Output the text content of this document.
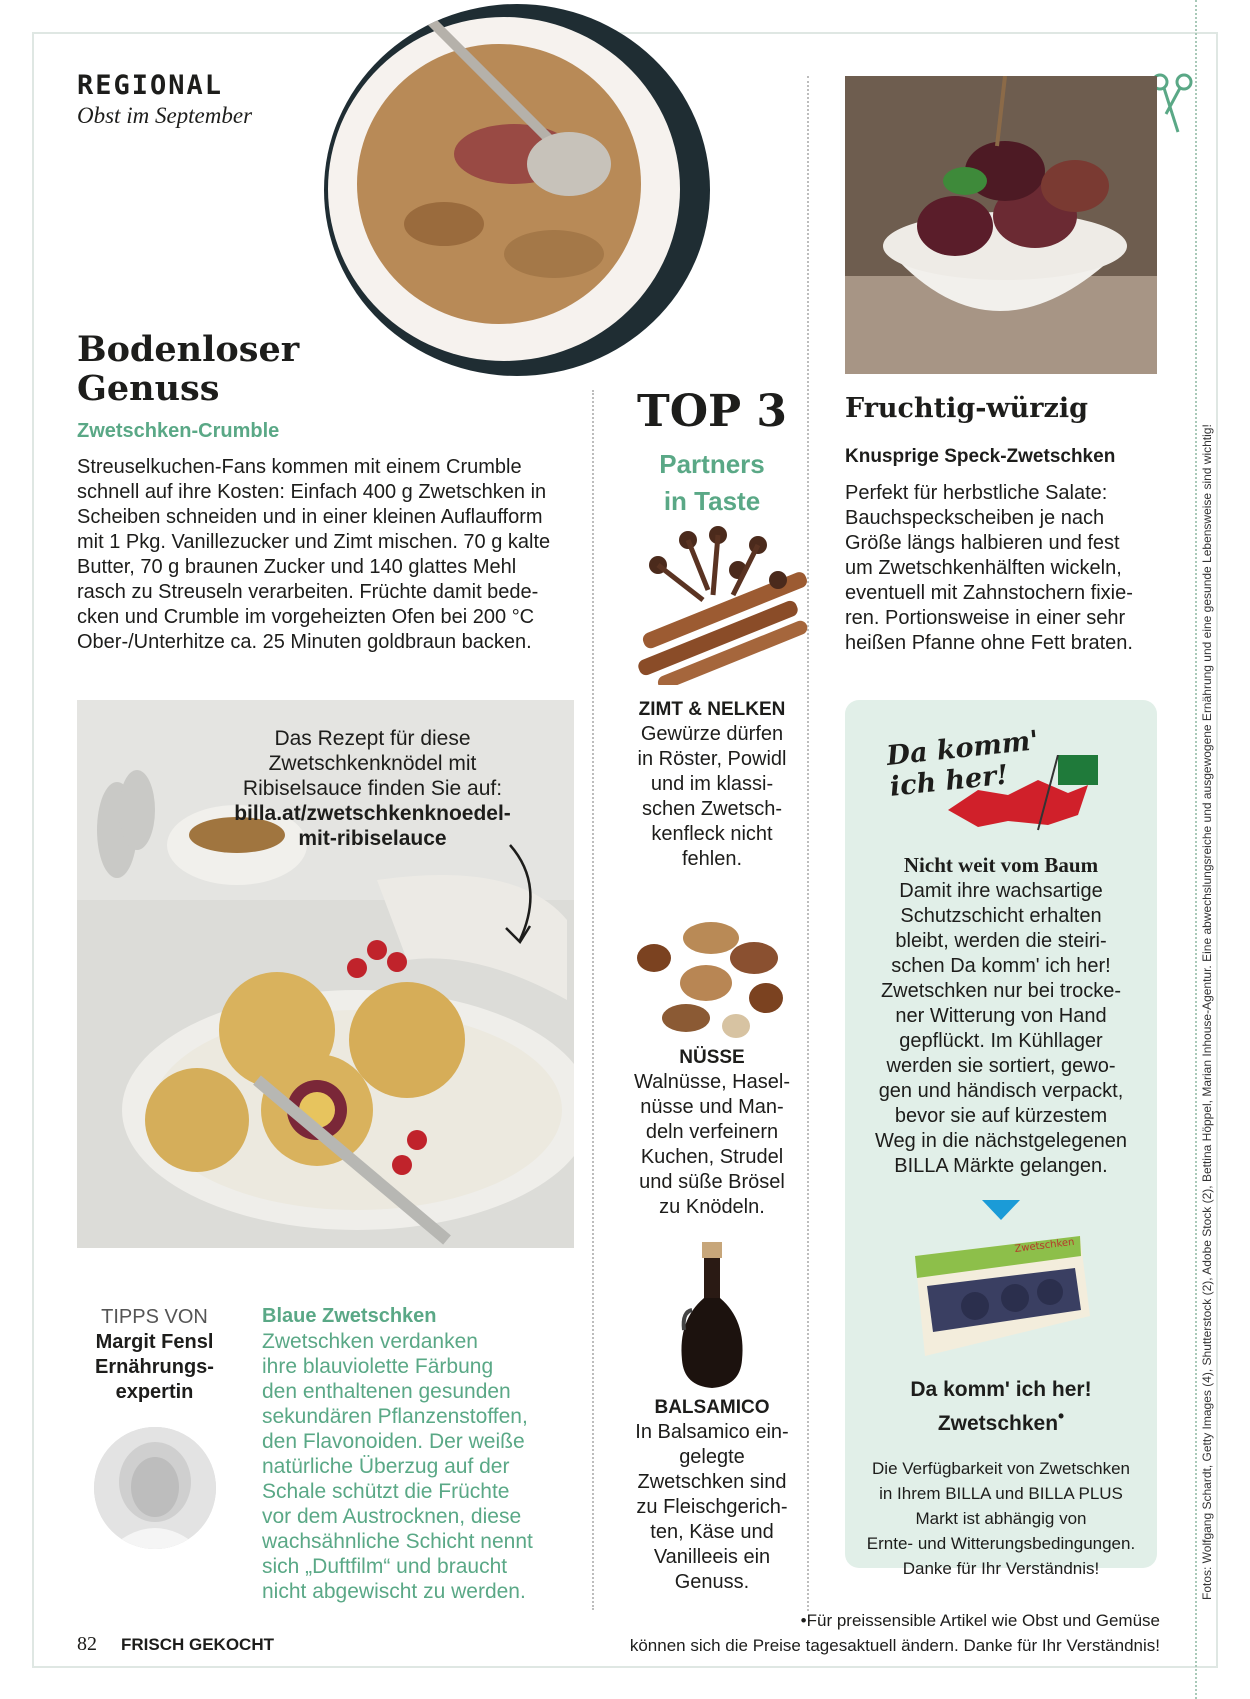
REGIONAL
Obst im September
Bodenloser
Genuss
Zwetschken-Crumble
Streuselkuchen-Fans kommen mit einem Crumble
schnell auf ihre Kosten: Einfach 400 g Zwetschken in
Scheiben schneiden und in einer kleinen Auflaufform
mit 1 Pkg. Vanillezucker und Zimt mischen. 70 g kalte
Butter, 70 g braunen Zucker und 140 glattes Mehl
rasch zu Streuseln verarbeiten. Früchte damit bede-
cken und Crumble im vorgeheizten Ofen bei 200 °C
Ober-/Unterhitze ca. 25 Minuten goldbraun backen.
Das Rezept für diese
Zwetschkenknödel mit
Ribiselsauce finden Sie auf:
billa.at/zwetschkenknoedel-
mit-ribiselauce
TOP 3
Partners
in Taste
ZIMT & NELKEN
Gewürze dürfen
in Röster, Powidl
und im klassi-
schen Zwetsch-
kenfleck nicht
fehlen.
NÜSSE
Walnüsse, Hasel-
nüsse und Man-
deln verfeinern
Kuchen, Strudel
und süße Brösel
zu Knödeln.
BALSAMICO
In Balsamico ein-
gelegte
Zwetschken sind
zu Fleischgerich-
ten, Käse und
Vanilleeis ein
Genuss.
Fruchtig-würzig
Knusprige Speck-Zwetschken
Perfekt für herbstliche Salate:
Bauchspeckscheiben je nach
Größe längs halbieren und fest
um Zwetschkenhälften wickeln,
eventuell mit Zahnstochern fixie-
ren. Portionsweise in einer sehr
heißen Pfanne ohne Fett braten.
Da komm'
ich her!
Nicht weit vom Baum
Damit ihre wachsartige
Schutzschicht erhalten
bleibt, werden die steiri-
schen Da komm' ich her!
Zwetschken nur bei trocke-
ner Witterung von Hand
gepflückt. Im Kühllager
werden sie sortiert, gewo-
gen und händisch verpackt,
bevor sie auf kürzestem
Weg in die nächstgelegenen
BILLA Märkte gelangen.
Zwetschken
Da komm' ich her!
Zwetschken•
Die Verfügbarkeit von Zwetschken
in Ihrem BILLA und BILLA PLUS
Markt ist abhängig von
Ernte- und Witterungsbedingungen.
Danke für Ihr Verständnis!
TIPPS VON
Margit Fensl
Ernährungs-
expertin
Blaue Zwetschken
Zwetschken verdanken
ihre blauviolette Färbung
den enthaltenen gesunden
sekundären Pflanzenstoffen,
den Flavonoiden. Der weiße
natürliche Überzug auf der
Schale schützt die Früchte
vor dem Austrocknen, diese
wachsähnliche Schicht nennt
sich „Duftfilm“ und braucht
nicht abgewischt zu werden.
82 FRISCH GEKOCHT
•Für preissensible Artikel wie Obst und Gemüse
können sich die Preise tagesaktuell ändern. Danke für Ihr Verständnis!
Fotos: Wolfgang Schardt, Getty Images (4), Shutterstock (2), Adobe Stock (2), Bettina Höppel, Marian Inhouse-Agentur. Eine abwechslungsreiche und ausgewogene Ernährung und eine gesunde Lebensweise sind wichtig!
